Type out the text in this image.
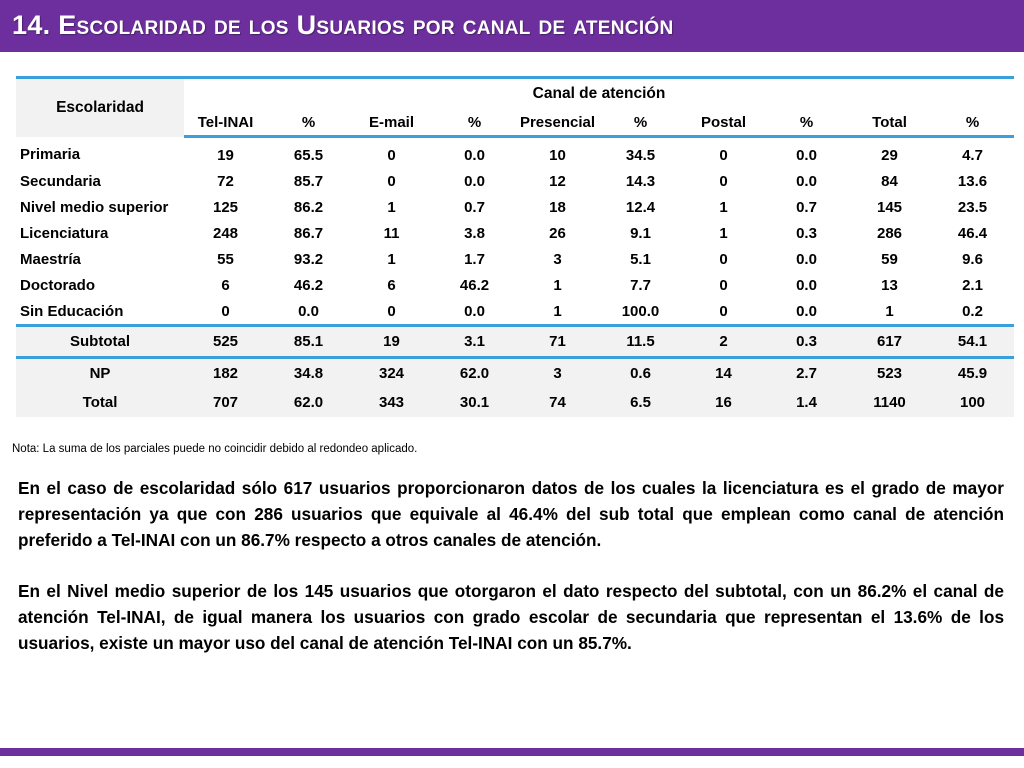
14. Escolaridad de los Usuarios por canal de atención
Escolaridad	Canal de atención									
	Tel-INAI	%	E-mail	%	Presencial	%	Postal	%	Total	%
Primaria	19	65.5	0	0.0	10	34.5	0	0.0	29	4.7
Secundaria	72	85.7	0	0.0	12	14.3	0	0.0	84	13.6
Nivel medio superior	125	86.2	1	0.7	18	12.4	1	0.7	145	23.5
Licenciatura	248	86.7	11	3.8	26	9.1	1	0.3	286	46.4
Maestría	55	93.2	1	1.7	3	5.1	0	0.0	59	9.6
Doctorado	6	46.2	6	46.2	1	7.7	0	0.0	13	2.1
Sin Educación	0	0.0	0	0.0	1	100.0	0	0.0	1	0.2
Subtotal	525	85.1	19	3.1	71	11.5	2	0.3	617	54.1
NP	182	34.8	324	62.0	3	0.6	14	2.7	523	45.9
Total	707	62.0	343	30.1	74	6.5	16	1.4	1140	100
Nota: La suma de los parciales puede no coincidir debido al redondeo aplicado.

En el caso de escolaridad sólo 617 usuarios proporcionaron datos de los cuales la licenciatura es el grado de mayor representación ya que con 286 usuarios que equivale al 46.4% del sub total que emplean como canal de atención preferido a Tel-INAI con un 86.7% respecto a otros canales de atención.

En el Nivel medio superior de los 145 usuarios que otorgaron el dato respecto del subtotal, con un 86.2% el canal de atención Tel-INAI, de igual manera los usuarios con grado escolar de secundaria que representan el 13.6% de los usuarios, existe un mayor uso del canal de atención Tel-INAI con un 85.7%.
